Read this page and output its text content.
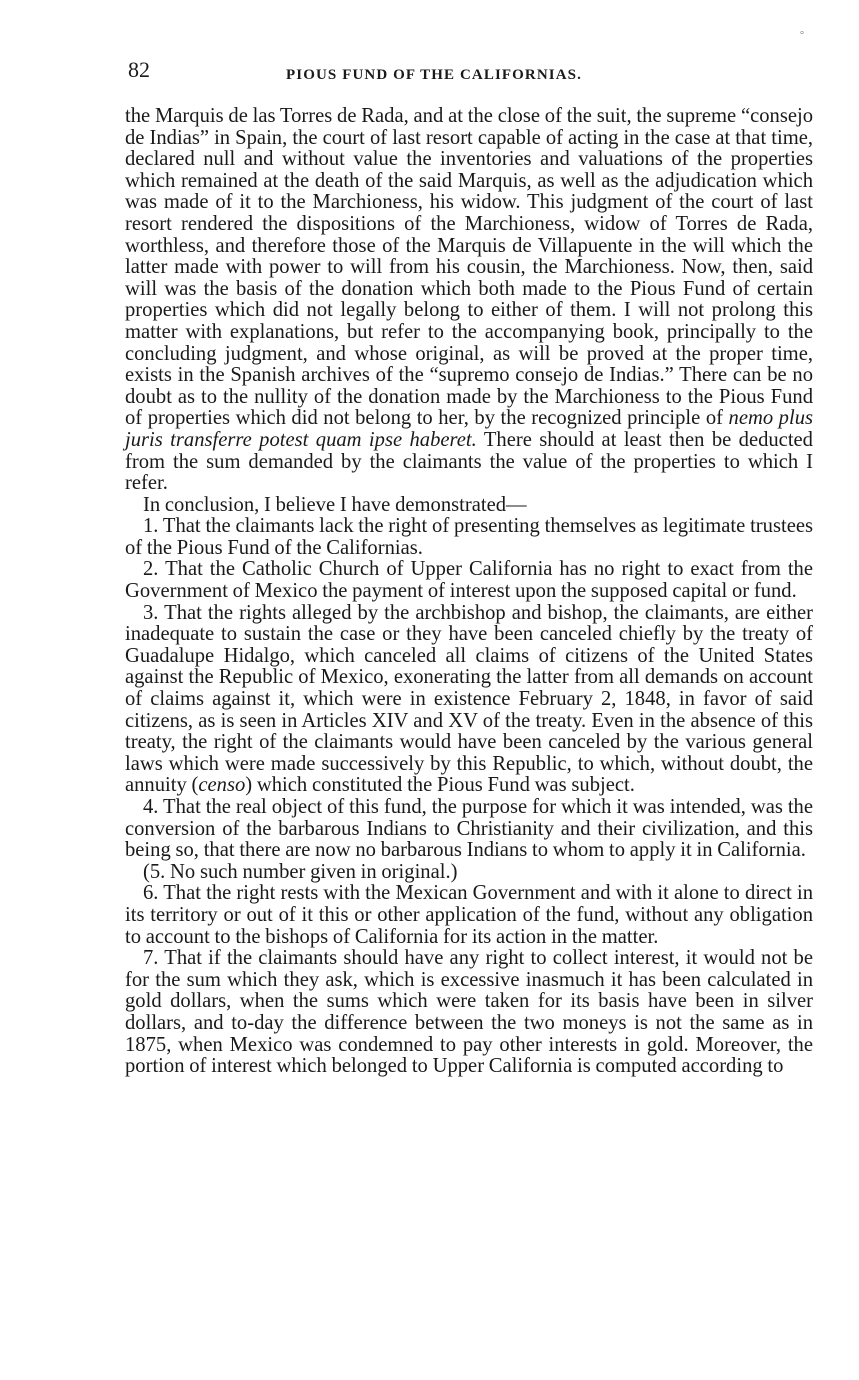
°
82	PIOUS FUND OF THE CALIFORNIAS.

the Marquis de las Torres de Rada, and at the close of the suit, the supreme “consejo de Indias” in Spain, the court of last resort capable of acting in the case at that time, declared null and without value the inventories and valuations of the properties which remained at the death of the said Marquis, as well as the adjudication which was made of it to the Marchioness, his widow. This judgment of the court of last resort rendered the dispositions of the Marchioness, widow of Torres de Rada, worthless, and therefore those of the Marquis de Villapuente in the will which the latter made with power to will from his cousin, the Marchioness. Now, then, said will was the basis of the donation which both made to the Pious Fund of certain properties which did not legally belong to either of them. I will not prolong this matter with explanations, but refer to the accompanying book, principally to the concluding judgment, and whose original, as will be proved at the proper time, exists in the Spanish archives of the “supremo consejo de Indias.” There can be no doubt as to the nullity of the donation made by the Marchioness to the Pious Fund of properties which did not belong to her, by the recognized principle of nemo plus juris transferre potest quam ipse haberet. There should at least then be deducted from the sum demanded by the claimants the value of the properties to which I refer.

In conclusion, I believe I have demonstrated—

1. That the claimants lack the right of presenting themselves as legitimate trustees of the Pious Fund of the Californias.

2. That the Catholic Church of Upper California has no right to exact from the Government of Mexico the payment of interest upon the supposed capital or fund.

3. That the rights alleged by the archbishop and bishop, the claimants, are either inadequate to sustain the case or they have been canceled chiefly by the treaty of Guadalupe Hidalgo, which canceled all claims of citizens of the United States against the Republic of Mexico, exonerating the latter from all demands on account of claims against it, which were in existence February 2, 1848, in favor of said citizens, as is seen in Articles XIV and XV of the treaty. Even in the absence of this treaty, the right of the claimants would have been canceled by the various general laws which were made successively by this Republic, to which, without doubt, the annuity (censo) which constituted the Pious Fund was subject.

4. That the real object of this fund, the purpose for which it was intended, was the conversion of the barbarous Indians to Christianity and their civilization, and this being so, that there are now no barbarous Indians to whom to apply it in California.

(5. No such number given in original.)

6. That the right rests with the Mexican Government and with it alone to direct in its territory or out of it this or other application of the fund, without any obligation to account to the bishops of California for its action in the matter.

7. That if the claimants should have any right to collect interest, it would not be for the sum which they ask, which is excessive inasmuch it has been calculated in gold dollars, when the sums which were taken for its basis have been in silver dollars, and to-day the difference between the two moneys is not the same as in 1875, when Mexico was condemned to pay other interests in gold. Moreover, the portion of interest which belonged to Upper California is computed according to
